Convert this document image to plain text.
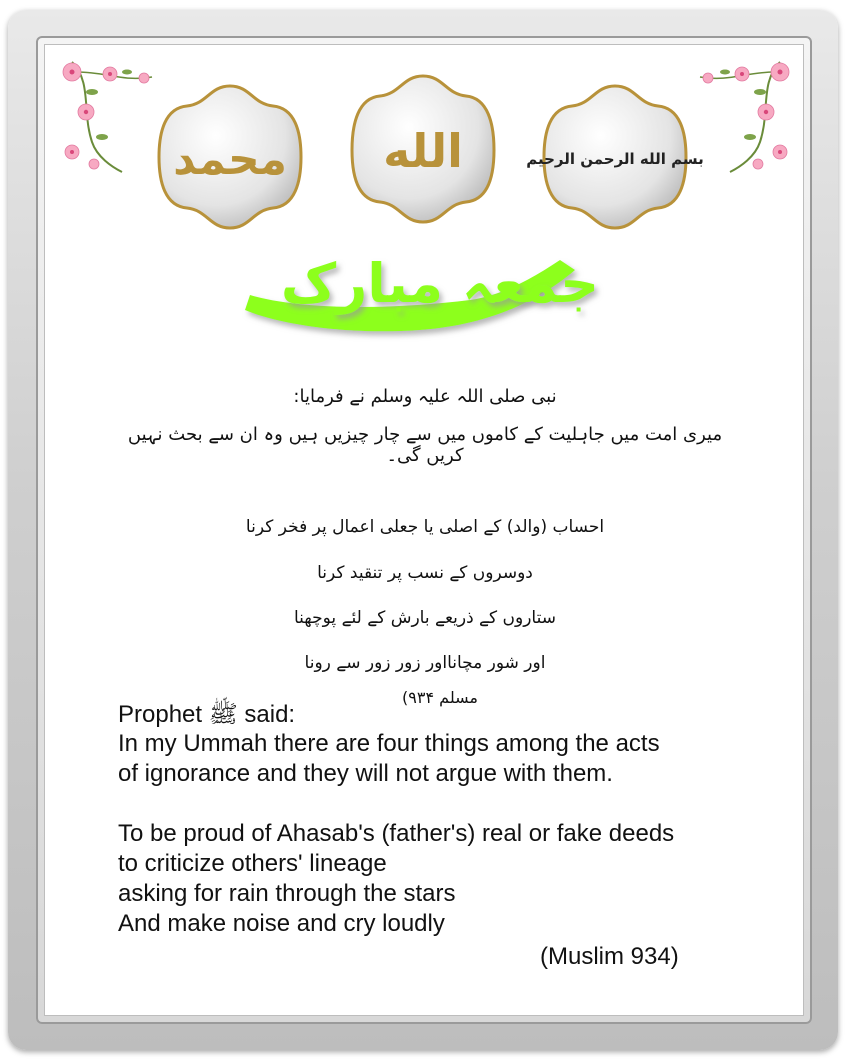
محمد الله	بسم الله الرحمن الرحيم
جمعہ مبارک
نبی صلی اللہ علیہ وسلم نے فرمایا:
میری امت میں جاہلیت کے کاموں میں سے چار چیزیں ہیں وہ ان سے بحث نہیں کریں گی۔
احساب (والد) کے اصلی یا جعلی اعمال پر فخر کرنا
دوسروں کے نسب پر تنقید کرنا
ستاروں کے ذریعے بارش کے لئے پوچھنا
اور شور مچانااور زور زور سے رونا
مسلم ۹۳۴)
Prophet ﷺ said:
In my Ummah there are four things among the acts
of ignorance and they will not argue with them.
To be proud of Ahasab's (father's) real or fake deeds
to criticize others' lineage
asking for rain through the stars
And make noise and cry loudly
(Muslim 934)
